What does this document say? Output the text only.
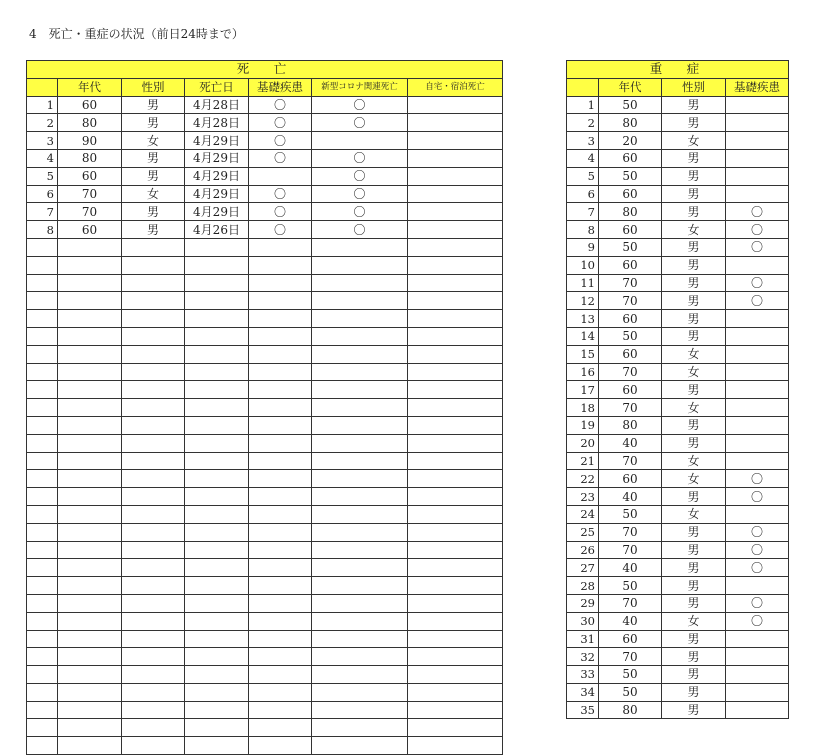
4　死亡・重症の状況（前日24時まで）
死　亡						
	年代	性別	死亡日	基礎疾患	新型コロナ関連死亡	自宅・宿泊死亡
1	60	男	4月28日	〇	〇	
2	80	男	4月28日	〇	〇	
3	90	女	4月29日	〇		
4	80	男	4月29日	〇	〇	
5	60	男	4月29日		〇	
6	70	女	4月29日	〇	〇	
7	70	男	4月29日	〇	〇	
8	60	男	4月26日	〇	〇	

重　症			
	年代	性別	基礎疾患
1	50	男	
2	80	男	
3	20	女	
4	60	男	
5	50	男	
6	60	男	
7	80	男	〇
8	60	女	〇
9	50	男	〇
10	60	男	
11	70	男	〇
12	70	男	〇
13	60	男	
14	50	男	
15	60	女	
16	70	女	
17	60	男	
18	70	女	
19	80	男	
20	40	男	
21	70	女	
22	60	女	〇
23	40	男	〇
24	50	女	
25	70	男	〇
26	70	男	〇
27	40	男	〇
28	50	男	
29	70	男	〇
30	40	女	〇
31	60	男	
32	70	男	
33	50	男	
34	50	男	
35	80	男	
